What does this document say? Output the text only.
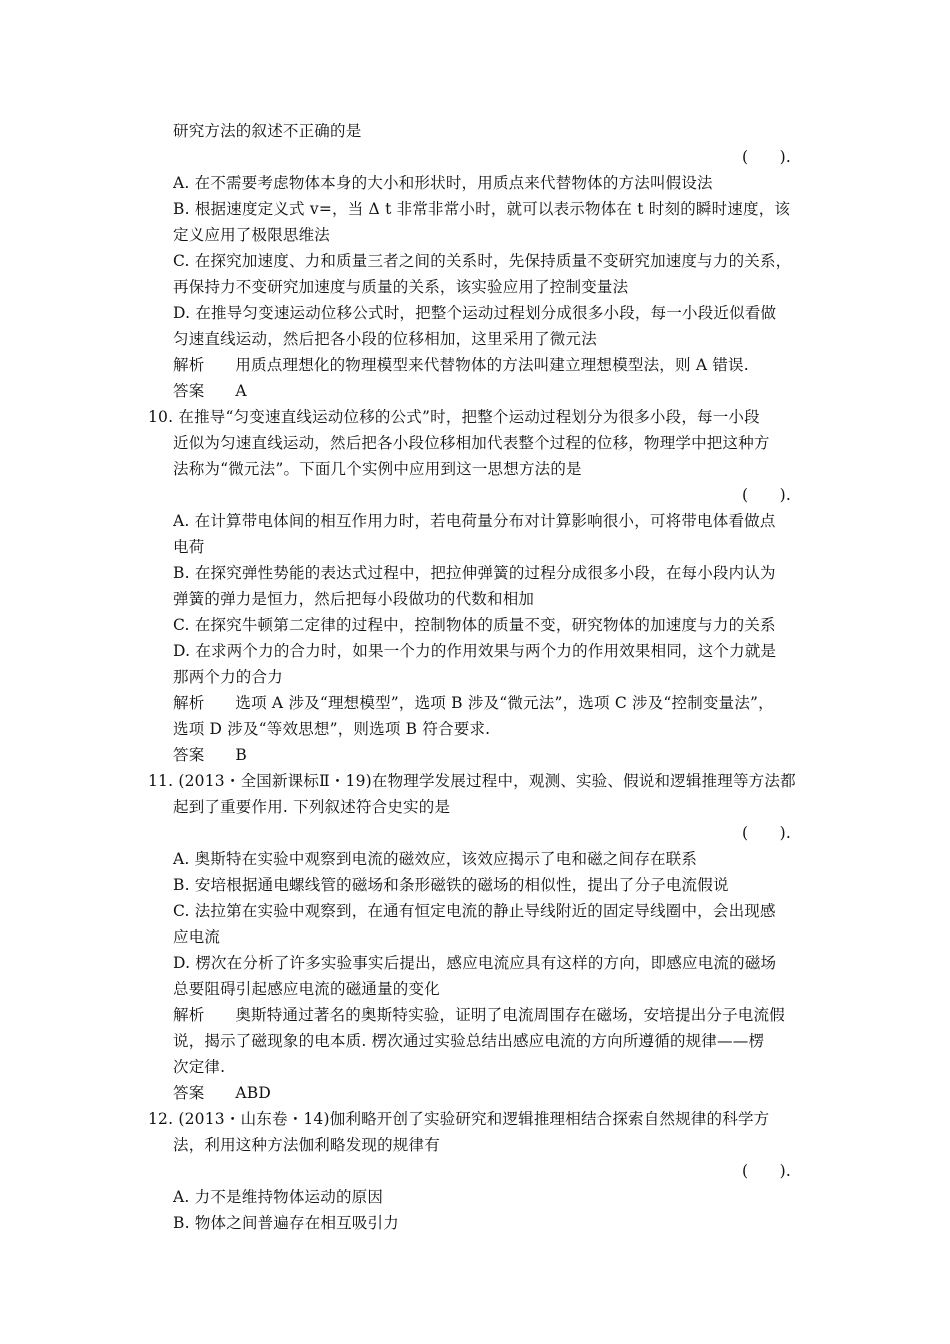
研究方法的叙述不正确的是
(　　).
A. 在不需要考虑物体本身的大小和形状时，用质点来代替物体的方法叫假设法
B. 根据速度定义式 v=，当 Δ t 非常非常小时，就可以表示物体在 t 时刻的瞬时速度，该
定义应用了极限思维法
C. 在探究加速度、力和质量三者之间的关系时，先保持质量不变研究加速度与力的关系，
再保持力不变研究加速度与质量的关系，该实验应用了控制变量法
D. 在推导匀变速运动位移公式时，把整个运动过程划分成很多小段，每一小段近似看做
匀速直线运动，然后把各小段的位移相加，这里采用了微元法
解析 用质点理想化的物理模型来代替物体的方法叫建立理想模型法，则 A 错误.
答案 A
10. 在推导“匀变速直线运动位移的公式”时，把整个运动过程划分为很多小段，每一小段
近似为匀速直线运动，然后把各小段位移相加代表整个过程的位移，物理学中把这种方
法称为“微元法”。下面几个实例中应用到这一思想方法的是
(　　).
A. 在计算带电体间的相互作用力时，若电荷量分布对计算影响很小，可将带电体看做点
电荷
B. 在探究弹性势能的表达式过程中，把拉伸弹簧的过程分成很多小段，在每小段内认为
弹簧的弹力是恒力，然后把每小段做功的代数和相加
C. 在探究牛顿第二定律的过程中，控制物体的质量不变，研究物体的加速度与力的关系
D. 在求两个力的合力时，如果一个力的作用效果与两个力的作用效果相同，这个力就是
那两个力的合力
解析 选项 A 涉及“理想模型”，选项 B 涉及“微元法”，选项 C 涉及“控制变量法”，
选项 D 涉及“等效思想”，则选项 B 符合要求.
答案 B
11. (2013・全国新课标Ⅱ・19)在物理学发展过程中，观测、实验、假说和逻辑推理等方法都
起到了重要作用. 下列叙述符合史实的是
(　　).
A. 奥斯特在实验中观察到电流的磁效应，该效应揭示了电和磁之间存在联系
B. 安培根据通电螺线管的磁场和条形磁铁的磁场的相似性，提出了分子电流假说
C. 法拉第在实验中观察到，在通有恒定电流的静止导线附近的固定导线圈中，会出现感
应电流
D. 楞次在分析了许多实验事实后提出，感应电流应具有这样的方向，即感应电流的磁场
总要阻碍引起感应电流的磁通量的变化
解析 奥斯特通过著名的奥斯特实验，证明了电流周围存在磁场，安培提出分子电流假
说，揭示了磁现象的电本质. 楞次通过实验总结出感应电流的方向所遵循的规律——楞
次定律.
答案 ABD
12. (2013・山东卷・14)伽利略开创了实验研究和逻辑推理相结合探索自然规律的科学方
法，利用这种方法伽利略发现的规律有
(　　).
A. 力不是维持物体运动的原因
B. 物体之间普遍存在相互吸引力
